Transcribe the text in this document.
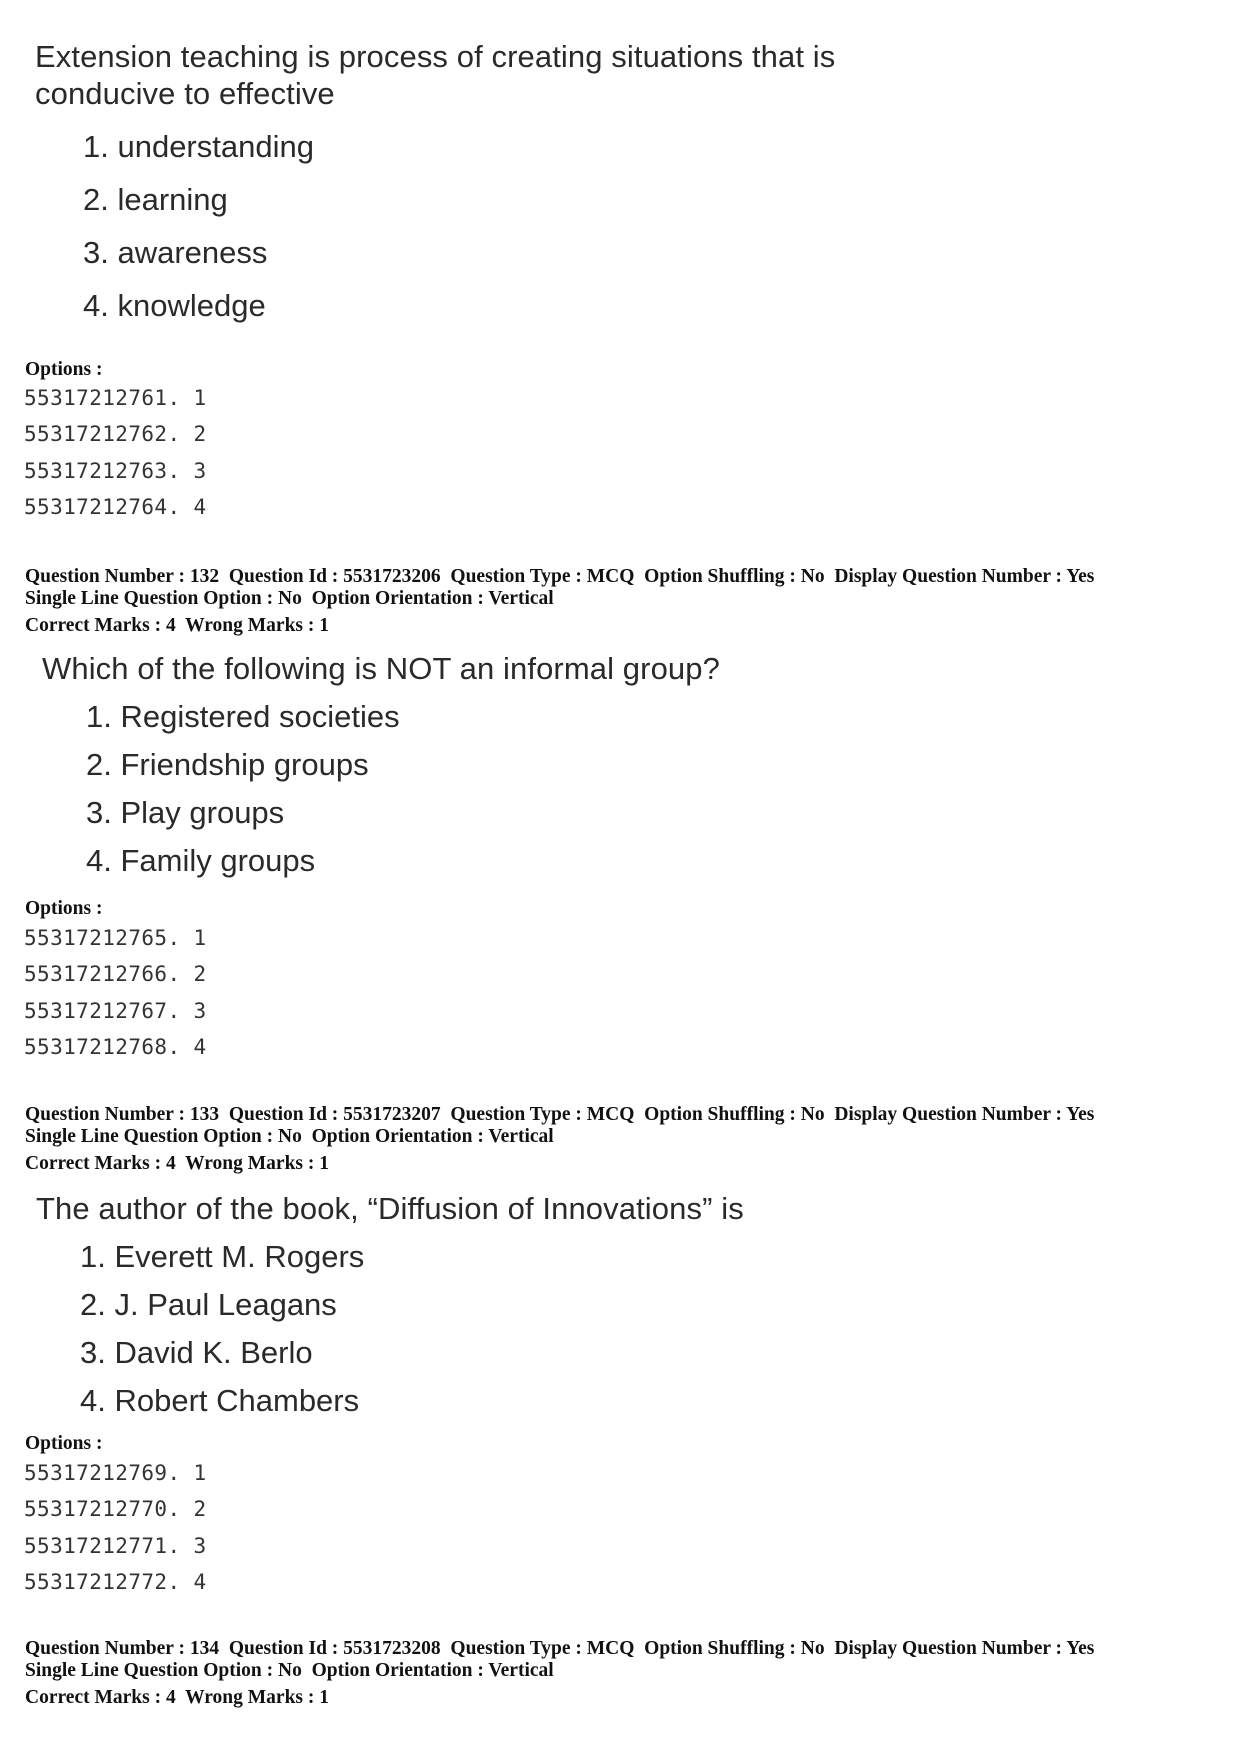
Extension teaching is process of creating situations that is
conducive to effective
1. understanding
2. learning
3. awareness
4. knowledge
Options :
55317212761. 1
55317212762. 2
55317212763. 3
55317212764. 4
Question Number : 132  Question Id : 5531723206  Question Type : MCQ  Option Shuffling : No  Display Question Number : Yes
Single Line Question Option : No  Option Orientation : Vertical
Correct Marks : 4  Wrong Marks : 1
Which of the following is NOT an informal group?
1. Registered societies
2. Friendship groups
3. Play groups
4. Family groups
Options :
55317212765. 1
55317212766. 2
55317212767. 3
55317212768. 4
Question Number : 133  Question Id : 5531723207  Question Type : MCQ  Option Shuffling : No  Display Question Number : Yes
Single Line Question Option : No  Option Orientation : Vertical
Correct Marks : 4  Wrong Marks : 1
The author of the book, “Diffusion of Innovations” is
1. Everett M. Rogers
2. J. Paul Leagans
3. David K. Berlo
4. Robert Chambers
Options :
55317212769. 1
55317212770. 2
55317212771. 3
55317212772. 4
Question Number : 134  Question Id : 5531723208  Question Type : MCQ  Option Shuffling : No  Display Question Number : Yes
Single Line Question Option : No  Option Orientation : Vertical
Correct Marks : 4  Wrong Marks : 1
